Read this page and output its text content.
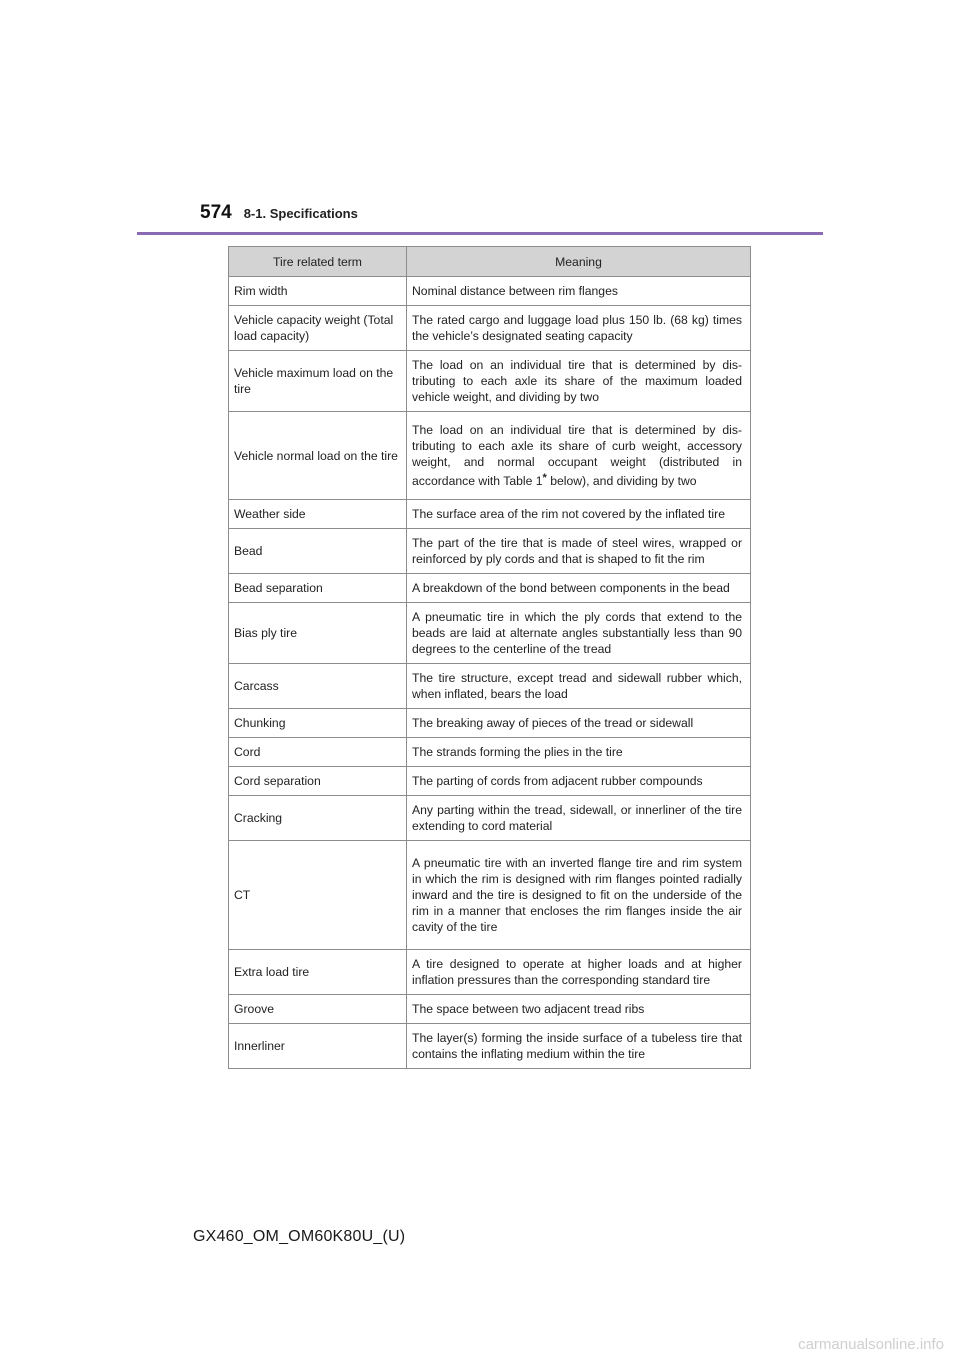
574 8-1. Specifications
Tire related term	Meaning
Rim width	Nominal distance between rim flanges
Vehicle capacity weight (Total load capacity)	The rated cargo and luggage load plus 150 lb. (68 kg) times the vehicle’s designated seating capacity
Vehicle maximum load on the tire	The load on an individual tire that is determined by dis-tributing to each axle its share of the maximum loaded vehicle weight, and dividing by two
Vehicle normal load on the tire	The load on an individual tire that is determined by dis-tributing to each axle its share of curb weight, accessory weight, and normal occupant weight (distributed in accordance with Table 1* below), and dividing by two
Weather side	The surface area of the rim not covered by the inflated tire
Bead	The part of the tire that is made of steel wires, wrapped or reinforced by ply cords and that is shaped to fit the rim
Bead separation	A breakdown of the bond between components in the bead
Bias ply tire	A pneumatic tire in which the ply cords that extend to the beads are laid at alternate angles substantially less than 90 degrees to the centerline of the tread
Carcass	The tire structure, except tread and sidewall rubber which, when inflated, bears the load
Chunking	The breaking away of pieces of the tread or sidewall
Cord	The strands forming the plies in the tire
Cord separation	The parting of cords from adjacent rubber compounds
Cracking	Any parting within the tread, sidewall, or innerliner of the tire extending to cord material
CT	A pneumatic tire with an inverted flange tire and rim system in which the rim is designed with rim flanges pointed radially inward and the tire is designed to fit on the underside of the rim in a manner that encloses the rim flanges inside the air cavity of the tire
Extra load tire	A tire designed to operate at higher loads and at higher inflation pressures than the corresponding standard tire
Groove	The space between two adjacent tread ribs
Innerliner	The layer(s) forming the inside surface of a tubeless tire that contains the inflating medium within the tire
GX460_OM_OM60K80U_(U)
carmanualsonline.info
